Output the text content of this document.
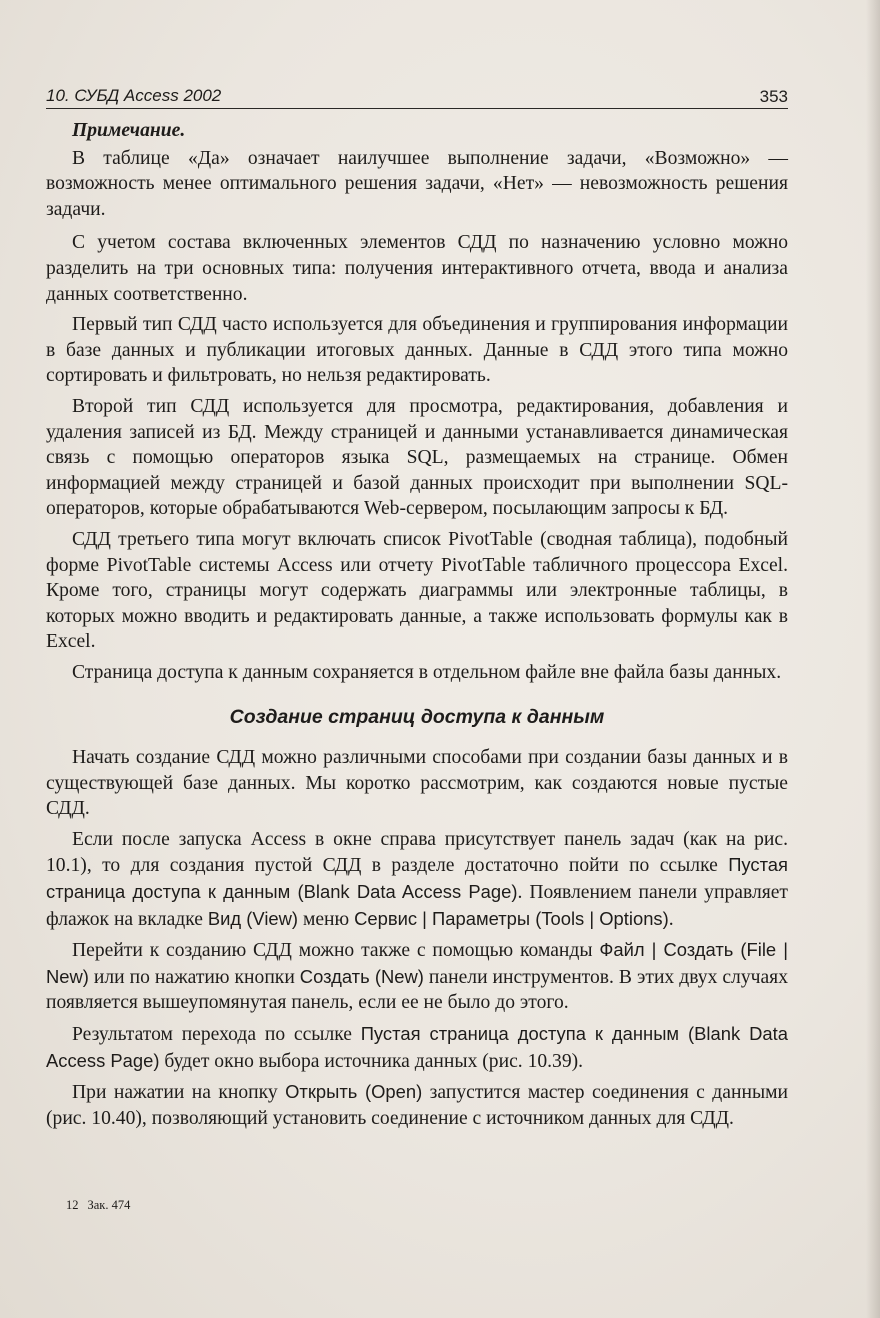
10. СУБД Access 2002	353
Примечание.

В таблице «Да» означает наилучшее выполнение задачи, «Возможно» — возможность менее оптимального решения задачи, «Нет» — невозможность решения задачи.

С учетом состава включенных элементов СДД по назначению условно можно разделить на три основных типа: получения интерактивного отчета, ввода и анализа данных соответственно.

Первый тип СДД часто используется для объединения и группирования информации в базе данных и публикации итоговых данных. Данные в СДД этого типа можно сортировать и фильтровать, но нельзя редактировать.

Второй тип СДД используется для просмотра, редактирования, добавления и удаления записей из БД. Между страницей и данными устанавливается динамическая связь с помощью операторов языка SQL, размещаемых на странице. Обмен информацией между страницей и базой данных происходит при выполнении SQL-операторов, которые обрабатываются Web-сервером, посылающим запросы к БД.

СДД третьего типа могут включать список PivotTable (сводная таблица), подобный форме PivotTable системы Access или отчету PivotTable табличного процессора Excel. Кроме того, страницы могут содержать диаграммы или электронные таблицы, в которых можно вводить и редактировать данные, а также использовать формулы как в Excel.

Страница доступа к данным сохраняется в отдельном файле вне файла базы данных.

Создание страниц доступа к данным

Начать создание СДД можно различными способами при создании базы данных и в существующей базе данных. Мы коротко рассмотрим, как создаются новые пустые СДД.

Если после запуска Access в окне справа присутствует панель задач (как на рис. 10.1), то для создания пустой СДД в разделе достаточно пойти по ссылке Пустая страница доступа к данным (Blank Data Access Page). Появлением панели управляет флажок на вкладке Вид (View) меню Сервис | Параметры (Tools | Options).

Перейти к созданию СДД можно также с помощью команды Файл | Создать (File | New) или по нажатию кнопки Создать (New) панели инструментов. В этих двух случаях появляется вышеупомянутая панель, если ее не было до этого.

Результатом перехода по ссылке Пустая страница доступа к данным (Blank Data Access Page) будет окно выбора источника данных (рис. 10.39).

При нажатии на кнопку Открыть (Open) запустится мастер соединения с данными (рис. 10.40), позволяющий установить соединение с источником данных для СДД.

12 Зак. 474
